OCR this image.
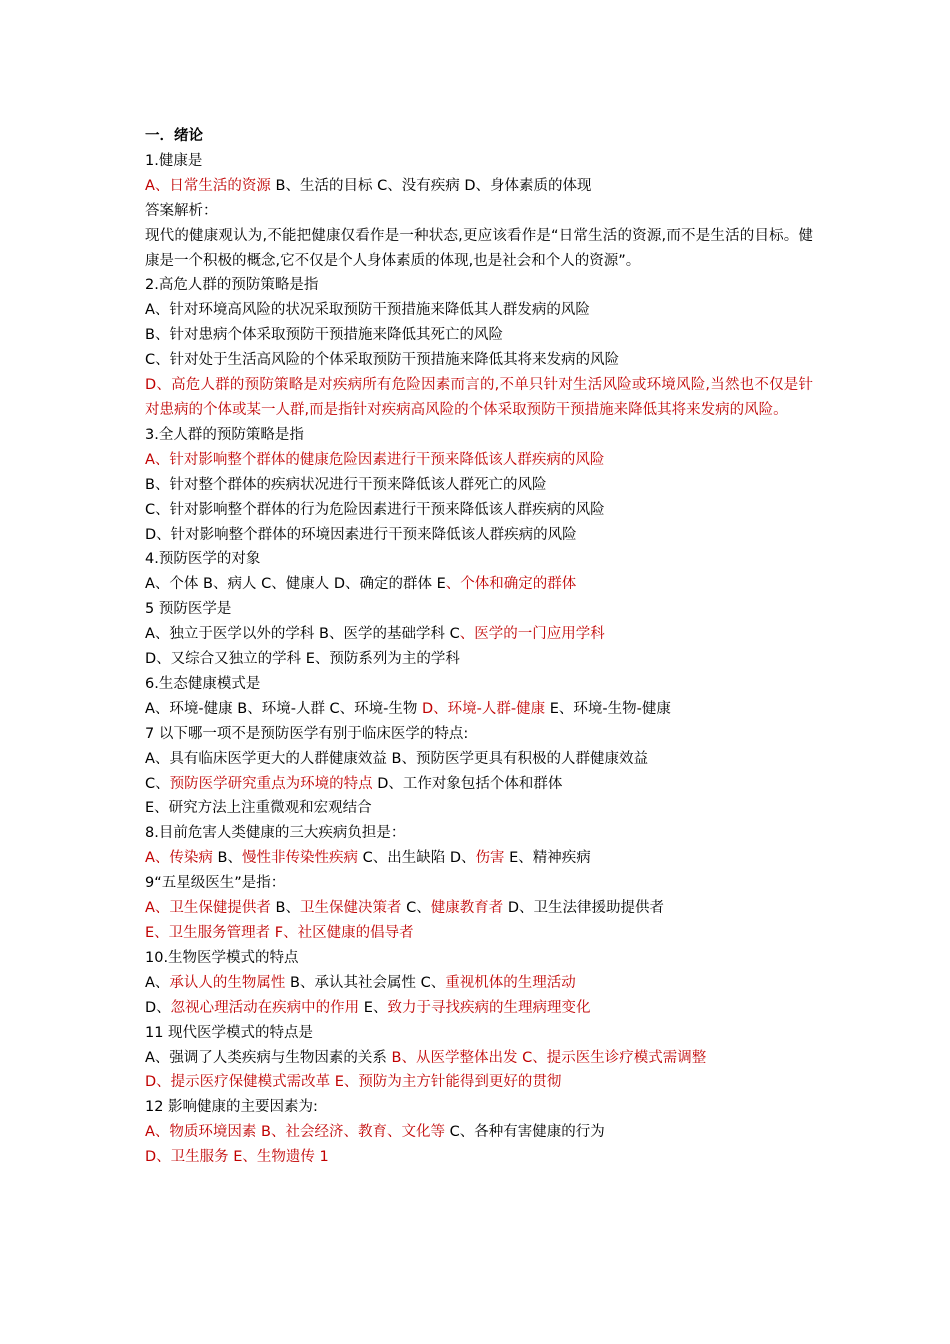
一．绪论

1.健康是

A、日常生活的资源 B、生活的目标 C、没有疾病 D、身体素质的体现

答案解析：

现代的健康观认为,不能把健康仅看作是一种状态,更应该看作是“日常生活的资源,而不是生活的目标。健康是一个积极的概念,它不仅是个人身体素质的体现,也是社会和个人的资源”。

2.高危人群的预防策略是指

A、针对环境高风险的状况采取预防干预措施来降低其人群发病的风险

B、针对患病个体采取预防干预措施来降低其死亡的风险

C、针对处于生活高风险的个体采取预防干预措施来降低其将来发病的风险

D、高危人群的预防策略是对疾病所有危险因素而言的,不单只针对生活风险或环境风险,当然也不仅是针对患病的个体或某一人群,而是指针对疾病高风险的个体采取预防干预措施来降低其将来发病的风险。

3.全人群的预防策略是指

A、针对影响整个群体的健康危险因素进行干预来降低该人群疾病的风险

B、针对整个群体的疾病状况进行干预来降低该人群死亡的风险

C、针对影响整个群体的行为危险因素进行干预来降低该人群疾病的风险

D、针对影响整个群体的环境因素进行干预来降低该人群疾病的风险

4.预防医学的对象

A、个体 B、病人 C、健康人 D、确定的群体 E、个体和确定的群体

5 预防医学是

A、独立于医学以外的学科 B、医学的基础学科 C、医学的一门应用学科

D、又综合又独立的学科 E、预防系列为主的学科

6.生态健康模式是

A、环境-健康 B、环境-人群 C、环境-生物 D、环境-人群-健康 E、环境-生物-健康

7 以下哪一项不是预防医学有别于临床医学的特点:

A、具有临床医学更大的人群健康效益 B、预防医学更具有积极的人群健康效益

C、预防医学研究重点为环境的特点 D、工作对象包括个体和群体

E、研究方法上注重微观和宏观结合

8.目前危害人类健康的三大疾病负担是：

A、传染病 B、慢性非传染性疾病 C、出生缺陷 D、伤害 E、精神疾病

9“五星级医生”是指：

A、卫生保健提供者 B、卫生保健决策者 C、健康教育者 D、卫生法律援助提供者

E、卫生服务管理者 F、社区健康的倡导者

10.生物医学模式的特点

A、承认人的生物属性 B、承认其社会属性 C、重视机体的生理活动

D、忽视心理活动在疾病中的作用 E、致力于寻找疾病的生理病理变化

11 现代医学模式的特点是

A、强调了人类疾病与生物因素的关系 B、从医学整体出发 C、提示医生诊疗模式需调整

D、提示医疗保健模式需改革 E、预防为主方针能得到更好的贯彻

12 影响健康的主要因素为:

A、物质环境因素 B、社会经济、教育、文化等 C、各种有害健康的行为

D、卫生服务 E、生物遗传 1
